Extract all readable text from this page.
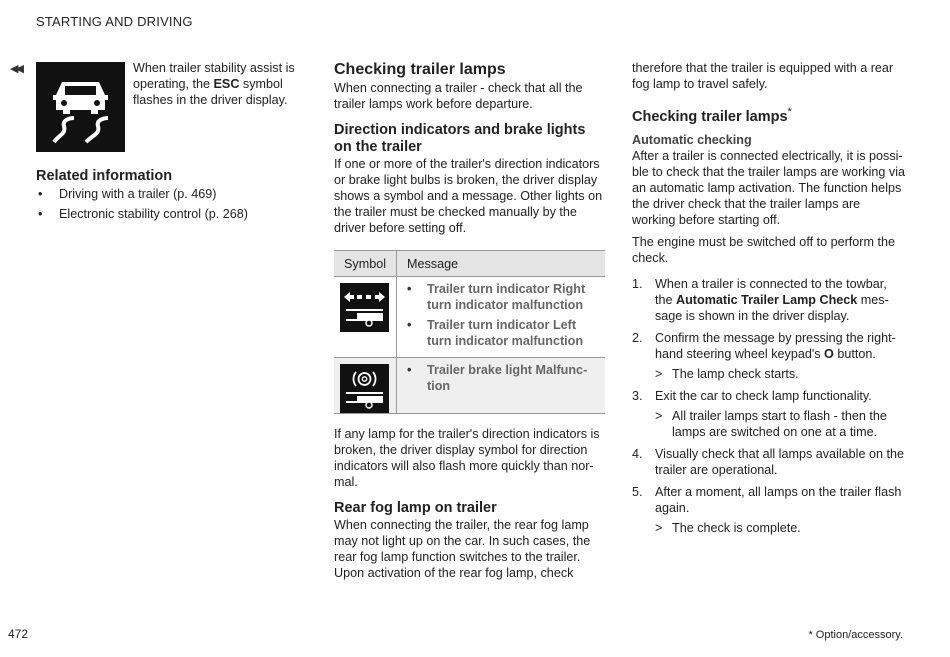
STARTING AND DRIVING
◀◀	When trailer stability assist is operating, the ESC symbol flashes in the driver display.
Related information
• Driving with a trailer (p. 469)
• Electronic stability control (p. 268)
Checking trailer lamps

When connecting a trailer - check that all the trailer lamps work before departure.

Direction indicators and brake lights on the trailer

If one or more of the trailer's direction indicators or brake light bulbs is broken, the driver display shows a symbol and a message. Other lights on the trailer must be checked manually by the driver before setting off.

Symbol	Message

• Trailer turn indicator Right turn indicator malfunction
• Trailer turn indicator Left turn indicator malfunction

• Trailer brake light Malfunc-tion

If any lamp for the trailer's direction indicators is broken, the driver display symbol for direction indicators will also flash more quickly than nor-mal.

Rear fog lamp on trailer

When connecting the trailer, the rear fog lamp may not light up on the car. In such cases, the rear fog lamp function switches to the trailer. Upon activation of the rear fog lamp, check

therefore that the trailer is equipped with a rear fog lamp to travel safely.

Checking trailer lamps*
Automatic checking

After a trailer is connected electrically, it is possi-ble to check that the trailer lamps are working via an automatic lamp activation. The function helps the driver check that the trailer lamps are working before starting off.

The engine must be switched off to perform the check.

1. When a trailer is connected to the towbar, the Automatic Trailer Lamp Check mes-sage is shown in the driver display.
2. Confirm the message by pressing the right-hand steering wheel keypad's O button.
> The lamp check starts.
3. Exit the car to check lamp functionality.
> All trailer lamps start to flash - then the lamps are switched on one at a time.
4. Visually check that all lamps available on the trailer are operational.
5. After a moment, all lamps on the trailer flash again.
> The check is complete.
472	* Option/accessory.
